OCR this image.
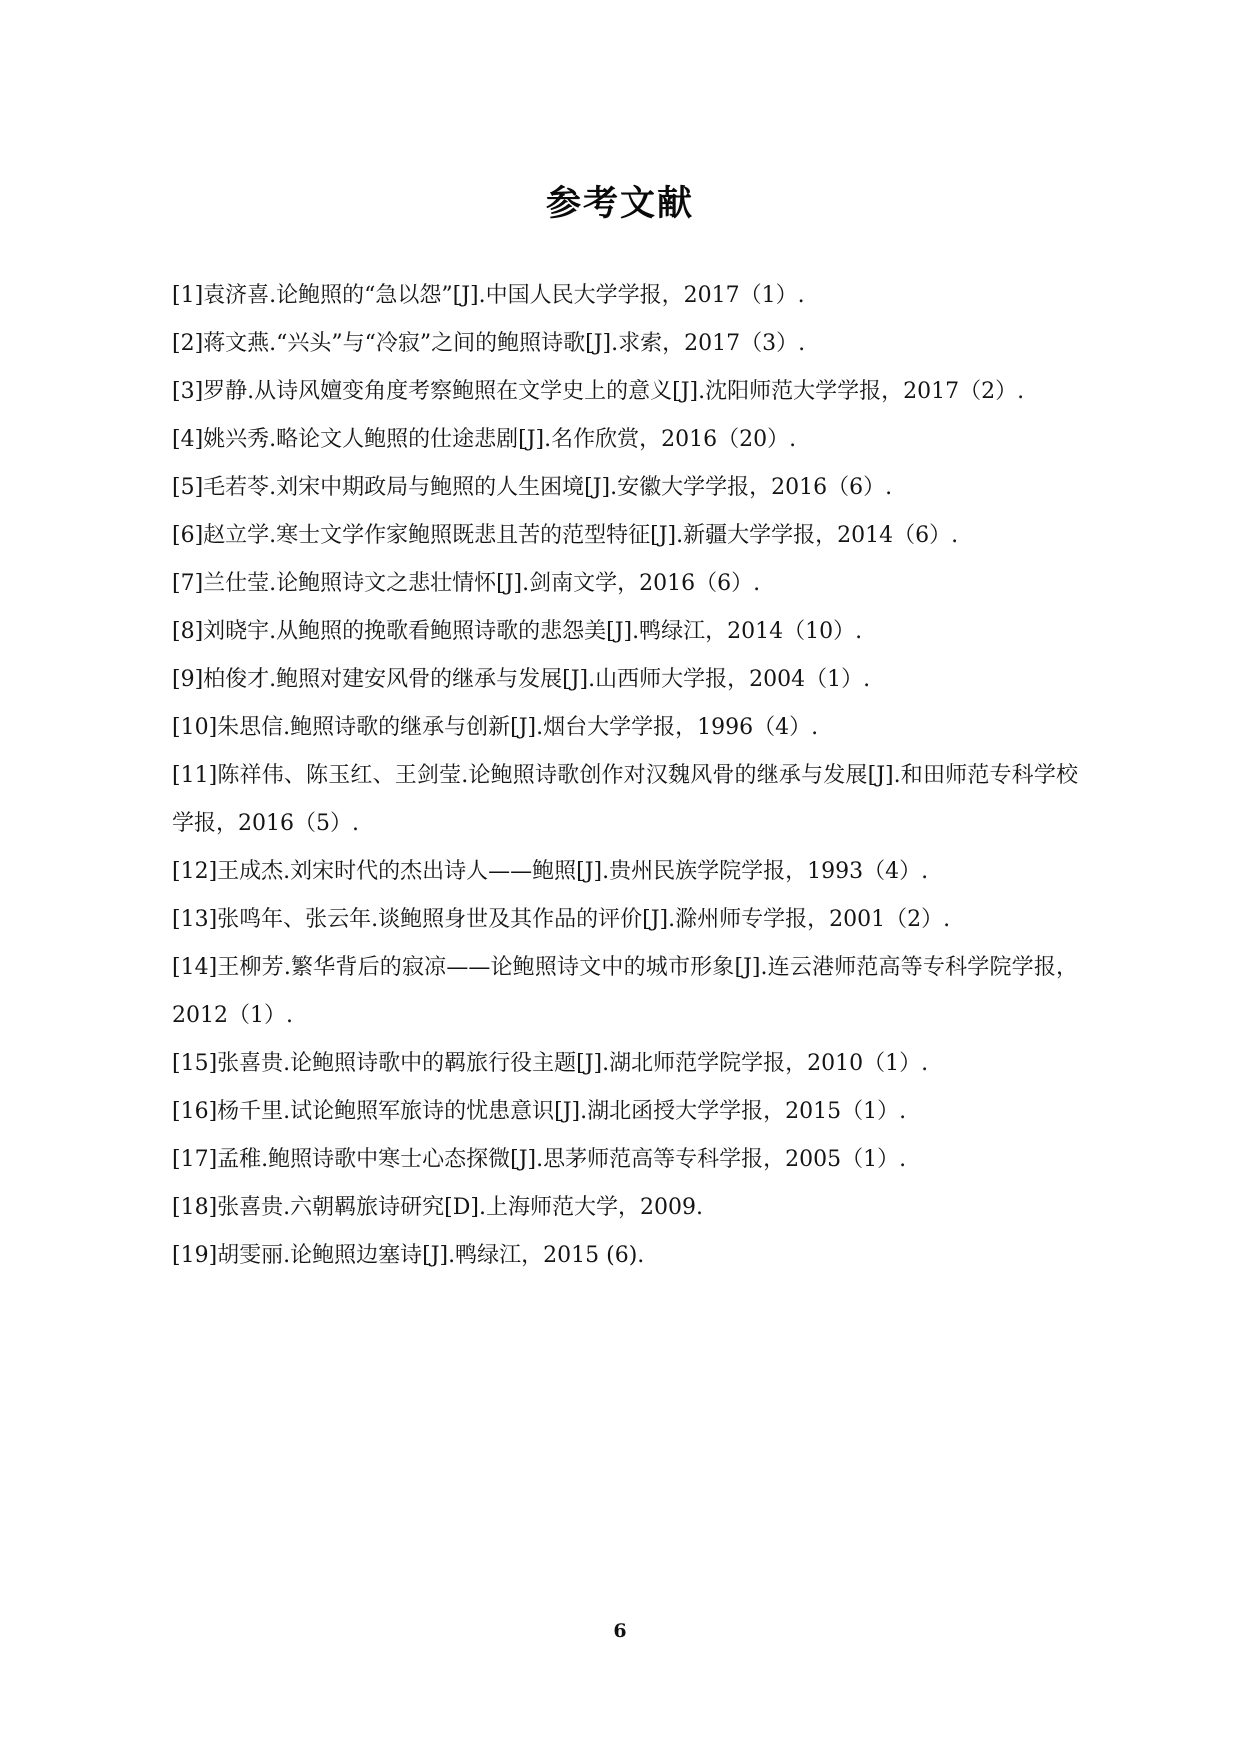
参考文献

[1]袁济喜.论鲍照的“急以怨”[J].中国人民大学学报，2017（1）.

[2]蒋文燕.“兴头”与“冷寂”之间的鲍照诗歌[J].求索，2017（3）.

[3]罗静.从诗风嬗变角度考察鲍照在文学史上的意义[J].沈阳师范大学学报，2017（2）.

[4]姚兴秀.略论文人鲍照的仕途悲剧[J].名作欣赏，2016（20）.

[5]毛若苓.刘宋中期政局与鲍照的人生困境[J].安徽大学学报，2016（6）.

[6]赵立学.寒士文学作家鲍照既悲且苦的范型特征[J].新疆大学学报，2014（6）.

[7]兰仕莹.论鲍照诗文之悲壮情怀[J].剑南文学，2016（6）.

[8]刘晓宇.从鲍照的挽歌看鲍照诗歌的悲怨美[J].鸭绿江，2014（10）.

[9]柏俊才.鲍照对建安风骨的继承与发展[J].山西师大学报，2004（1）.

[10]朱思信.鲍照诗歌的继承与创新[J].烟台大学学报，1996（4）.

[11]陈祥伟、陈玉红、王剑莹.论鲍照诗歌创作对汉魏风骨的继承与发展[J].和田师范专科学校学报，2016（5）.

[12]王成杰.刘宋时代的杰出诗人——鲍照[J].贵州民族学院学报，1993（4）.

[13]张鸣年、张云年.谈鲍照身世及其作品的评价[J].滁州师专学报，2001（2）.

[14]王柳芳.繁华背后的寂凉——论鲍照诗文中的城市形象[J].连云港师范高等专科学院学报，2012（1）.

[15]张喜贵.论鲍照诗歌中的羁旅行役主题[J].湖北师范学院学报，2010（1）.

[16]杨千里.试论鲍照军旅诗的忧患意识[J].湖北函授大学学报，2015（1）.

[17]孟稚.鲍照诗歌中寒士心态探微[J].思茅师范高等专科学报，2005（1）.

[18]张喜贵.六朝羁旅诗研究[D].上海师范大学，2009.

[19]胡雯丽.论鲍照边塞诗[J].鸭绿江，2015 (6).

6
